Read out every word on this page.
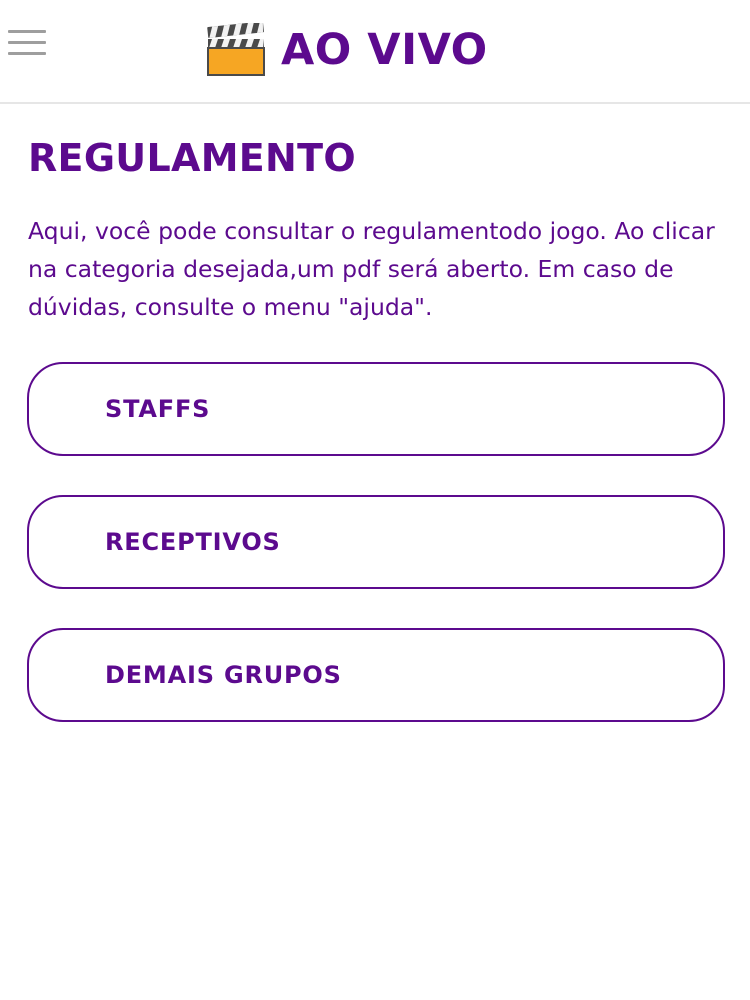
AO VIVO
REGULAMENTO

Aqui, você pode consultar o regulamentodo jogo. Ao clicar na categoria desejada,um pdf será aberto. Em caso de dúvidas, consulte o menu "ajuda".

STAFFS
RECEPTIVOS
DEMAIS GRUPOS
